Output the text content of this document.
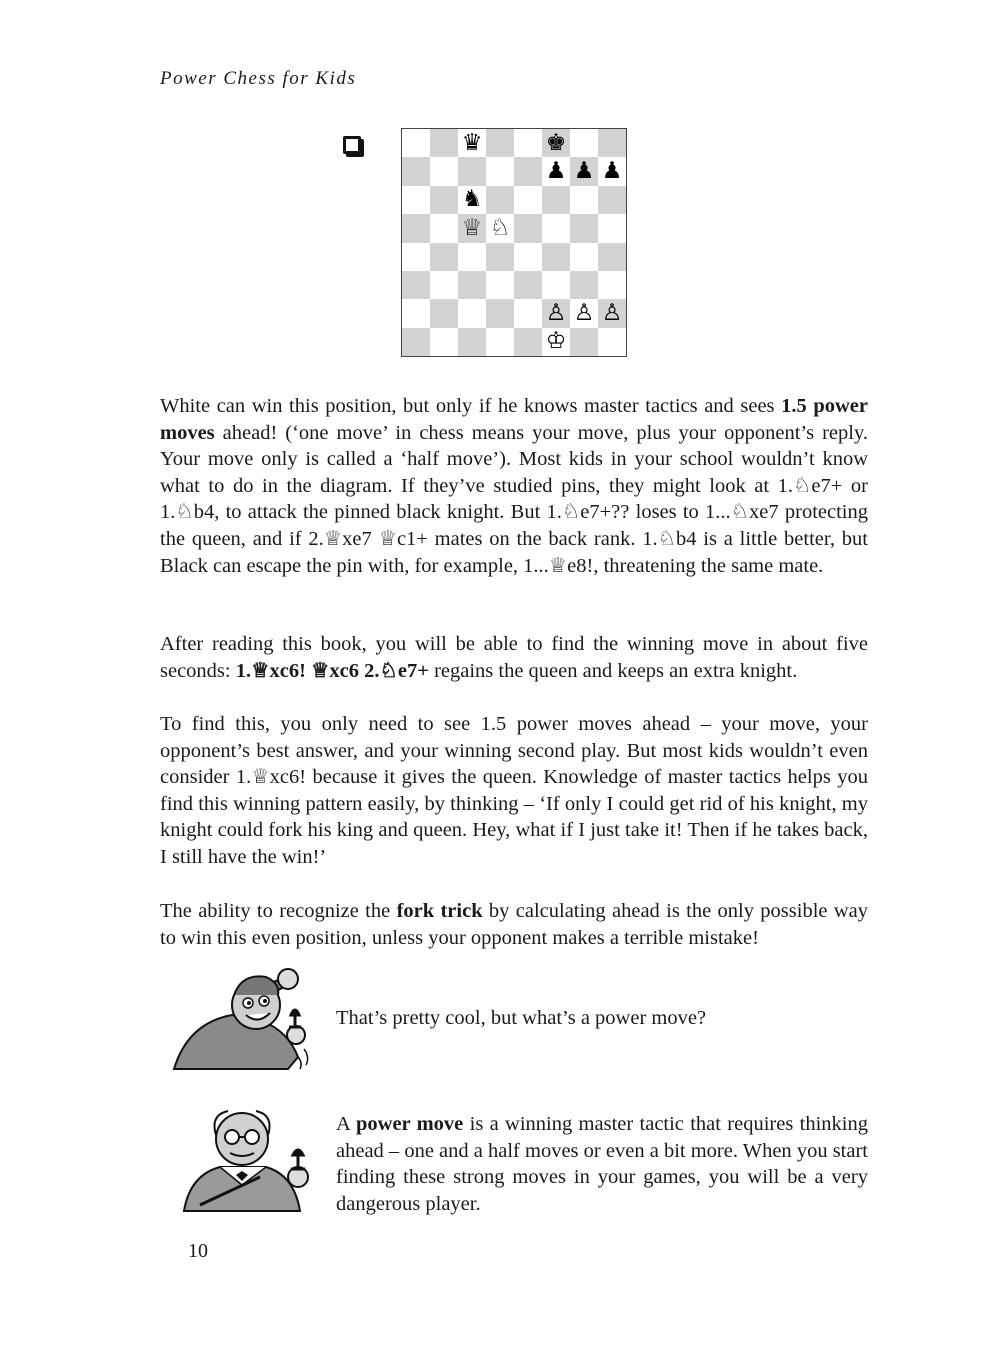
Power Chess for Kids
♛	♚
♟ ♟ ♟
♞
♕ ♘
♙ ♙ ♙
♔

White can win this position, but only if he knows master tactics and sees 1.5 power moves ahead! (‘one move’ in chess means your move, plus your opponent’s reply. Your move only is called a ‘half move’). Most kids in your school wouldn’t know what to do in the diagram. If they’ve studied pins, they might look at 1.♘e7+ or 1.♘b4, to attack the pinned black knight. But 1.♘e7+?? loses to 1...♘xe7 protecting the queen, and if 2.♕xe7 ♕c1+ mates on the back rank. 1.♘b4 is a little better, but Black can escape the pin with, for example, 1...♕e8!, threatening the same mate.

After reading this book, you will be able to find the winning move in about five seconds: 1.♕xc6! ♕xc6 2.♘e7+ regains the queen and keeps an extra knight.

To find this, you only need to see 1.5 power moves ahead – your move, your opponent’s best answer, and your winning second play. But most kids wouldn’t even consider 1.♕xc6! because it gives the queen. Knowledge of master tactics helps you find this winning pattern easily, by thinking – ‘If only I could get rid of his knight, my knight could fork his king and queen. Hey, what if I just take it! Then if he takes back, I still have the win!’

The ability to recognize the fork trick by calculating ahead is the only possible way to win this even position, unless your opponent makes a terrible mistake!

That’s pretty cool, but what’s a power move?

A power move is a winning master tactic that requires thinking ahead – one and a half moves or even a bit more. When you start finding these strong moves in your games, you will be a very dangerous player.

10
